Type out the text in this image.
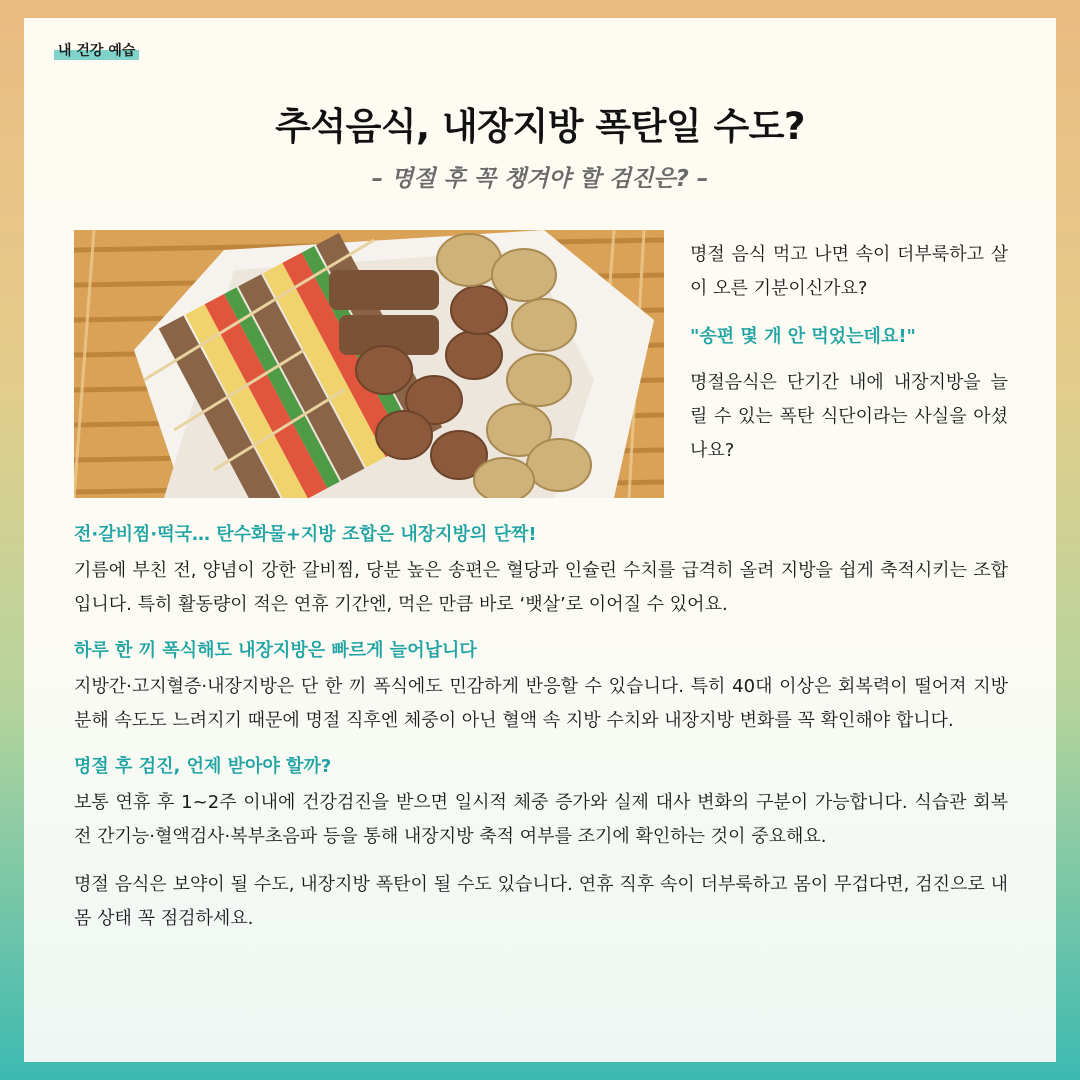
내 건강 예습
추석음식, 내장지방 폭탄일 수도?
– 명절 후 꼭 챙겨야 할 검진은? –

명절 음식 먹고 나면 속이 더부룩하고 살이 오른 기분이신가요?

"송편 몇 개 안 먹었는데요!"

명절음식은 단기간 내에 내장지방을 늘릴 수 있는 폭탄 식단이라는 사실을 아셨나요?

전·갈비찜·떡국… 탄수화물+지방 조합은 내장지방의 단짝!

기름에 부친 전, 양념이 강한 갈비찜, 당분 높은 송편은 혈당과 인슐린 수치를 급격히 올려 지방을 쉽게 축적시키는 조합입니다. 특히 활동량이 적은 연휴 기간엔, 먹은 만큼 바로 ‘뱃살’로 이어질 수 있어요.

하루 한 끼 폭식해도 내장지방은 빠르게 늘어납니다

지방간·고지혈증·내장지방은 단 한 끼 폭식에도 민감하게 반응할 수 있습니다. 특히 40대 이상은 회복력이 떨어져 지방 분해 속도도 느려지기 때문에 명절 직후엔 체중이 아닌 혈액 속 지방 수치와 내장지방 변화를 꼭 확인해야 합니다.

명절 후 검진, 언제 받아야 할까?

보통 연휴 후 1~2주 이내에 건강검진을 받으면 일시적 체중 증가와 실제 대사 변화의 구분이 가능합니다. 식습관 회복 전 간기능·혈액검사·복부초음파 등을 통해 내장지방 축적 여부를 조기에 확인하는 것이 중요해요.

명절 음식은 보약이 될 수도, 내장지방 폭탄이 될 수도 있습니다. 연휴 직후 속이 더부룩하고 몸이 무겁다면, 검진으로 내 몸 상태 꼭 점검하세요.
